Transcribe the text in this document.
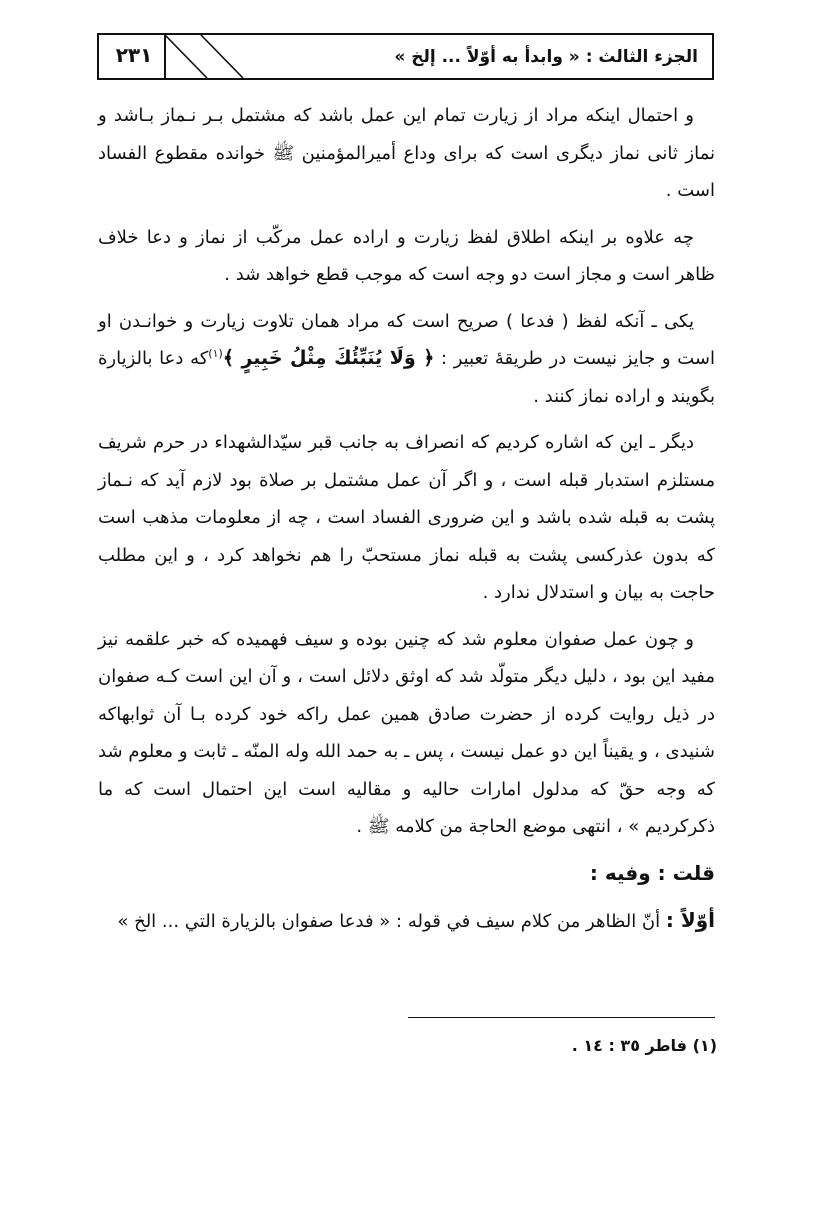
٢٣١	الجزء الثالث : « وابدأ به أوّلاً ... إلخ »

و احتمال اینکه مراد از زیارت تمام این عمل باشد که مشتمل بـر نـماز بـاشد و نماز ثانی نماز دیگری است که برای وداع أمیرالمؤمنین ﷺ خوانده مقطوع الفساد است .

چه علاوه بر اینکه اطلاق لفظ زیارت و اراده عمل مرکّب از نماز و دعا خلاف ظاهر است و مجاز است دو وجه است که موجب قطع خواهد شد .

یکی ـ آنکه لفظ ( فدعا ) صریح است که مراد همان تلاوت زیارت و خوانـدن او است و جایز نیست در طریقهٔ تعبیر : ﴿ وَلَا يُنَبِّئُكَ مِثْلُ خَبِيرٍ ﴾$^{(١)}$که دعا بالزیارة بگویند و اراده نماز کنند .

دیگر ـ این که اشاره کردیم که انصراف به جانب قبر سیّدالشهداء در حرم شریف مستلزم استدبار قبله است ، و اگر آن عمل مشتمل بر صلاة بود لازم آید که نـماز پشت به قبله شده باشد و این ضروری الفساد است ، چه از معلومات مذهب است که بدون عذرکسی پشت به قبله نماز مستحبّ را هم نخواهد کرد ، و این مطلب حاجت به بیان و استدلال ندارد .

و چون عمل صفوان معلوم شد که چنین بوده و سیف فهمیده که خبر علقمه نیز مفید این بود ، دلیل دیگر متولّد شد که اوثق دلائل است ، و آن این است کـه صفوان در ذیل روایت کرده از حضرت صادق همین عمل راکه خود کرده بـا آن ثوابهاکه شنیدی ، و یقیناً این دو عمل نیست ، پس ـ به حمد الله وله المنّه ـ ثابت و معلوم شد که وجه حقّ که مدلول امارات حالیه و مقالیه است این احتمال است که ما ذکرکردیم » ، انتهی موضع الحاجة من کلامه ﷺ .

قلت : وفيه :

أوّلاً : أنّ الظاهر من كلام سيف في قوله : « فدعا صفوان بالزيارة التي ... الخ »

(١) فاطر ٣٥ : ١٤ .
